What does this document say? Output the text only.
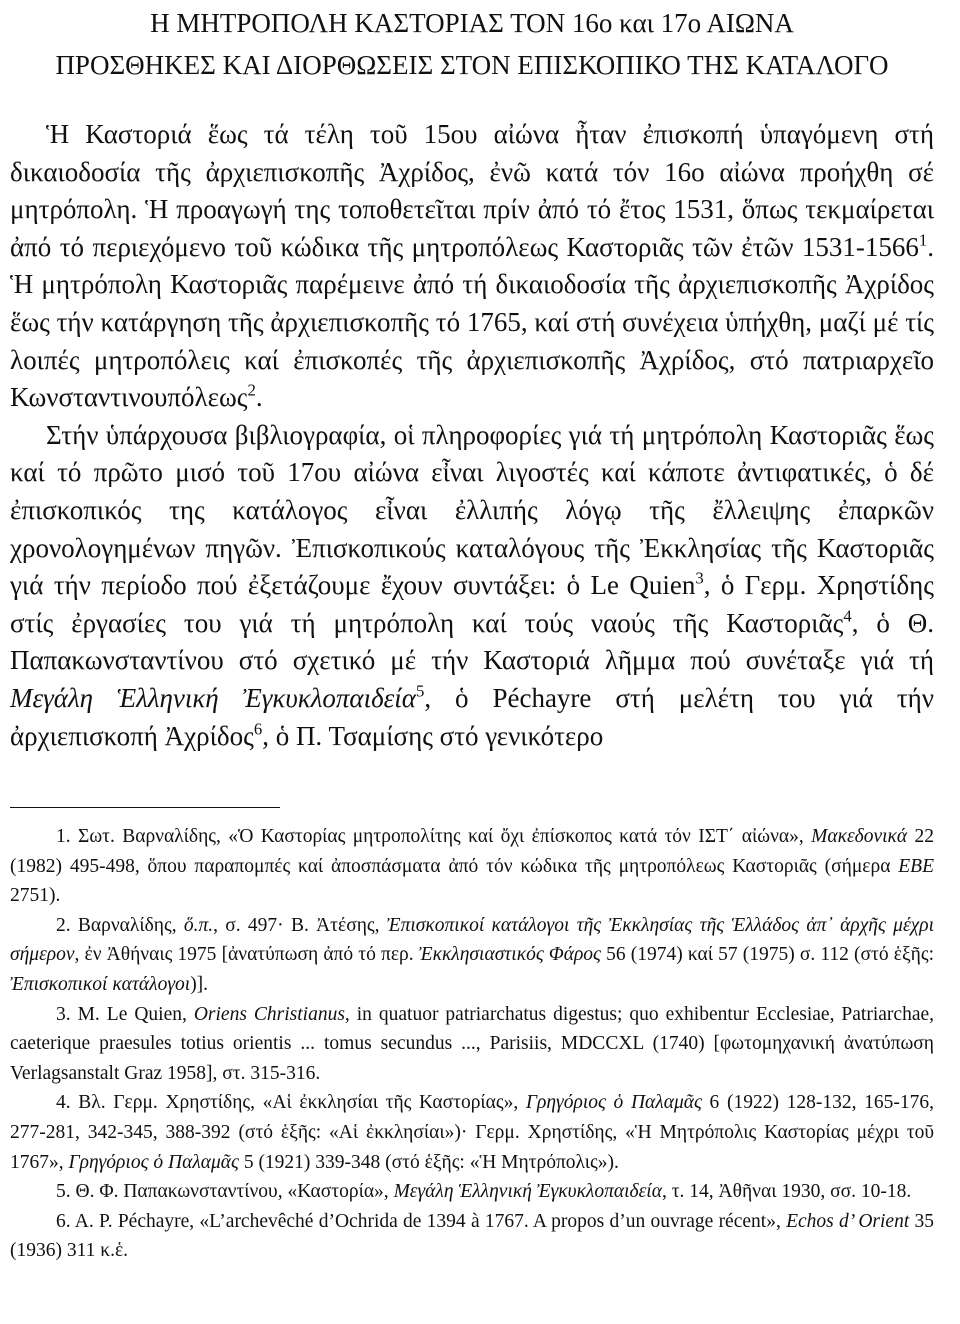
Η ΜΗΤΡΟΠΟΛΗ ΚΑΣΤΟΡΙΑΣ ΤΟΝ 16ο και 17ο ΑΙΩΝΑ
ΠΡΟΣΘΗΚΕΣ ΚΑΙ ΔΙΟΡΘΩΣΕΙΣ ΣΤΟΝ ΕΠΙΣΚΟΠΙΚΟ ΤΗΣ ΚΑΤΑΛΟΓΟ

Ἡ Καστοριά ἕως τά τέλη τοῦ 15ου αἰώνα ἦταν ἐπισκοπή ὑπαγόμενη στή δικαιοδοσία τῆς ἀρχιεπισκοπῆς Ἀχρίδος, ἐνῶ κατά τόν 16ο αἰώνα προήχθη σέ μητρόπολη. Ἡ προαγωγή της τοποθετεῖται πρίν ἀπό τό ἔτος 1531, ὅπως τεκμαίρεται ἀπό τό περιεχόμενο τοῦ κώδικα τῆς μητροπόλεως Καστοριᾶς τῶν ἐτῶν 1531-1566$^1$. Ἡ μητρόπολη Καστοριᾶς παρέμεινε ἀπό τή δικαιοδοσία τῆς ἀρχιεπισκοπῆς Ἀχρίδος ἕως τήν κατάργηση τῆς ἀρχιεπισκοπῆς τό 1765, καί στή συνέχεια ὑπήχθη, μαζί μέ τίς λοιπές μητροπόλεις καί ἐπισκοπές τῆς ἀρχιεπισκοπῆς Ἀχρίδος, στό πατριαρχεῖο Κωνσταντινουπόλεως$^2$.

Στήν ὑπάρχουσα βιβλιογραφία, οἱ πληροφορίες γιά τή μητρόπολη Καστοριᾶς ἕως καί τό πρῶτο μισό τοῦ 17ου αἰώνα εἶναι λιγοστές καί κάποτε ἀντιφατικές, ὁ δέ ἐπισκοπικός της κατάλογος εἶναι ἐλλιπής λόγῳ τῆς ἔλλειψης ἐπαρκῶν χρονολογημένων πηγῶν. Ἐπισκοπικούς καταλόγους τῆς Ἐκκλησίας τῆς Καστοριᾶς γιά τήν περίοδο πού ἐξετάζουμε ἔχουν συντάξει: ὁ Le Quien$^3$, ὁ Γερμ. Χρηστίδης στίς ἐργασίες του γιά τή μητρόπολη καί τούς ναούς τῆς Καστοριᾶς$^4$, ὁ Θ. Παπακωνσταντίνου στό σχετικό μέ τήν Καστοριά λῆμμα πού συνέταξε γιά τή Μεγάλη Ἑλληνική Ἐγκυκλοπαιδεία$^5$, ὁ Péchayre στή μελέτη του γιά τήν ἀρχιεπισκοπή Ἀχρίδος$^6$, ὁ Π. Τσαμίσης στό γενικότερο

1. Σωτ. Βαρναλίδης, «Ὁ Καστορίας μητροπολίτης καί ὄχι ἐπίσκοπος κατά τόν ΙΣΤ΄ αἰώνα», Μακεδονικά 22 (1982) 495-498, ὅπου παραπομπές καί ἀποσπάσματα ἀπό τόν κώδικα τῆς μητροπόλεως Καστοριᾶς (σήμερα ΕΒΕ 2751).

2. Βαρναλίδης, ὅ.π., σ. 497· Β. Ἀτέσης, Ἐπισκοπικοί κατάλογοι τῆς Ἐκκλησίας τῆς Ἑλλάδος ἀπ᾽ ἀρχῆς μέχρι σήμερον, ἐν Ἀθήναις 1975 [ἀνατύπωση ἀπό τό περ. Ἐκκλησιαστικός Φάρος 56 (1974) καί 57 (1975) σ. 112 (στό ἑξῆς: Ἐπισκοπικοί κατάλογοι)].

3. M. Le Quien, Oriens Christianus, in quatuor patriarchatus digestus; quo exhibentur Ecclesiae, Patriarchae, caeterique praesules totius orientis ... tomus secundus ..., Parisiis, MDCCXL (1740) [φωτομηχανική ἀνατύπωση Verlagsanstalt Graz 1958], στ. 315-316.

4. Βλ. Γερμ. Χρηστίδης, «Αἱ ἐκκλησίαι τῆς Καστορίας», Γρηγόριος ὁ Παλαμᾶς 6 (1922) 128-132, 165-176, 277-281, 342-345, 388-392 (στό ἑξῆς: «Αἱ ἐκκλησίαι»)· Γερμ. Χρηστίδης, «Ἡ Μητρόπολις Καστορίας μέχρι τοῦ 1767», Γρηγόριος ὁ Παλαμᾶς 5 (1921) 339-348 (στό ἑξῆς: «Ἡ Μητρόπολις»).

5. Θ. Φ. Παπακωνσταντίνου, «Καστορία», Μεγάλη Ἑλληνική Ἐγκυκλοπαιδεία, τ. 14, Ἀθῆναι 1930, σσ. 10-18.

6. A. P. Péchayre, «L’archevêché d’Ochrida de 1394 à 1767. A propos d’un ouvrage récent», Echos d’ Orient 35 (1936) 311 κ.ἑ.
